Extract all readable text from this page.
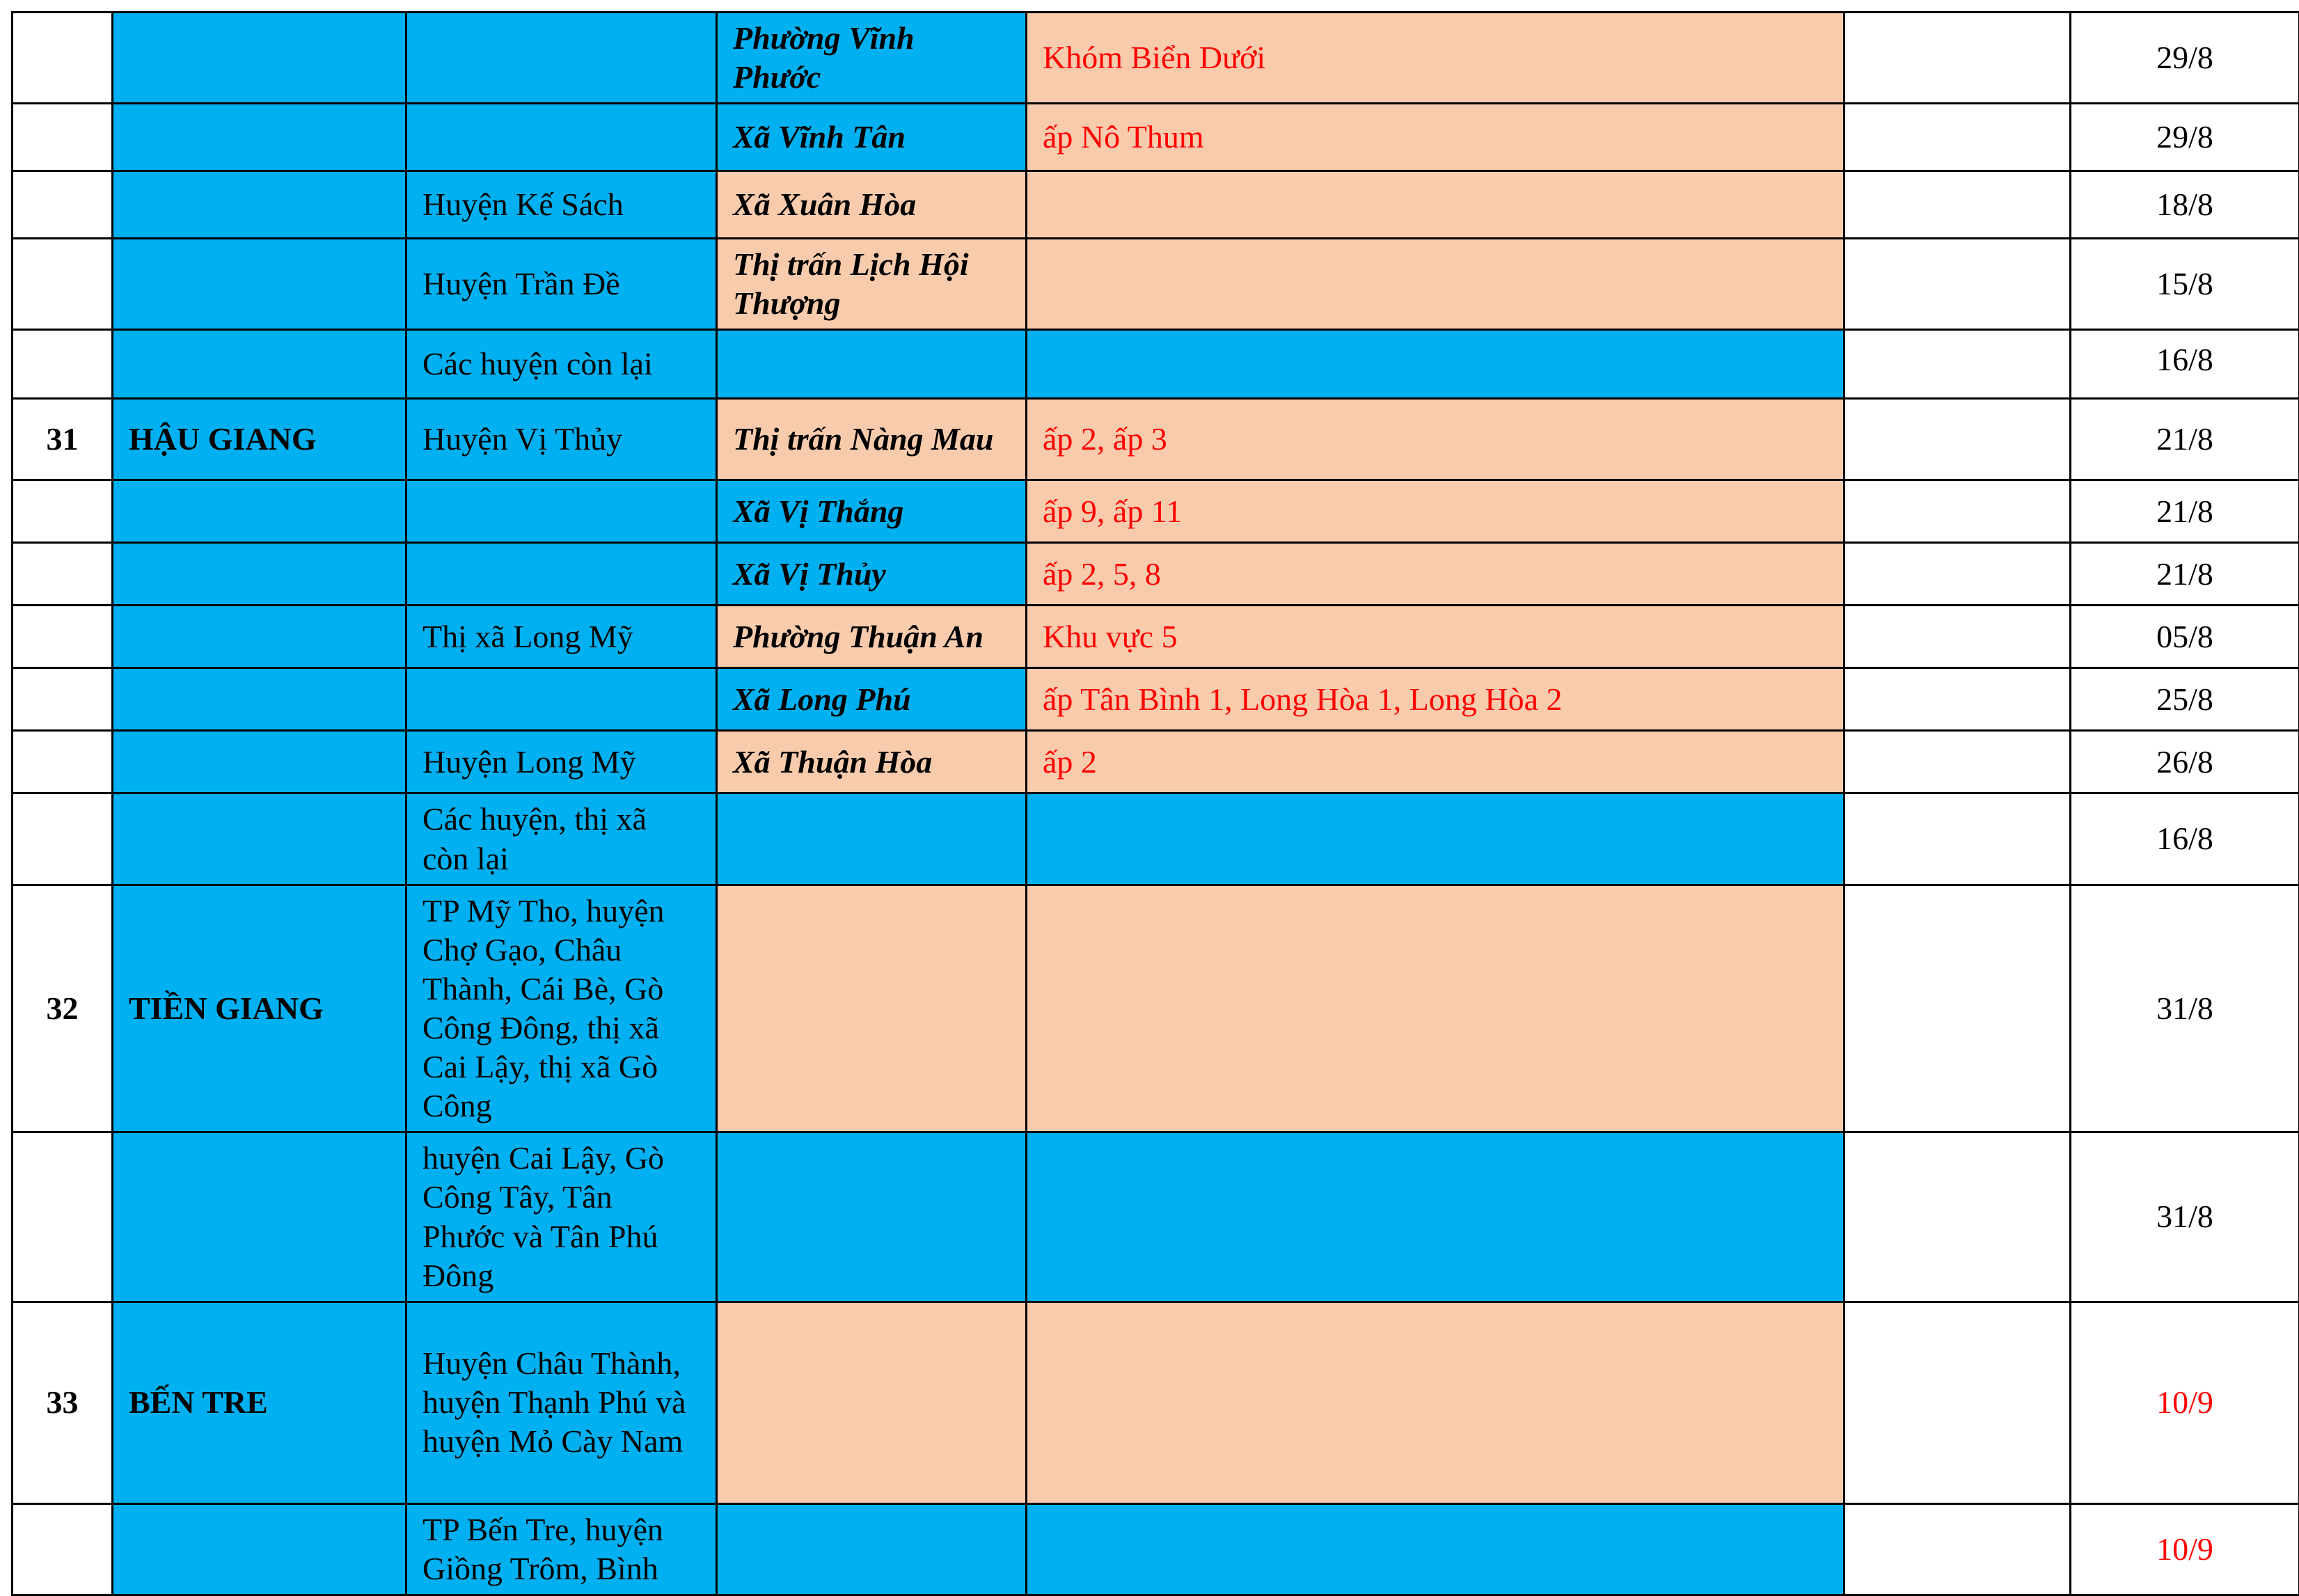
			Phường Vĩnh Phước	Khóm Biển Dưới		29/8
			Xã Vĩnh Tân	ấp Nô Thum		29/8
		Huyện Kế Sách	Xã Xuân Hòa			18/8
		Huyện Trần Đề	Thị trấn Lịch Hội Thượng			15/8
		Các huyện còn lại				16/8
31	HẬU GIANG	Huyện Vị Thủy	Thị trấn Nàng Mau	ấp 2, ấp 3		21/8
			Xã Vị Thắng	ấp 9, ấp 11		21/8
			Xã Vị Thủy	ấp 2, 5, 8		21/8
		Thị xã Long Mỹ	Phường Thuận An	Khu vực 5		05/8
			Xã Long Phú	ấp Tân Bình 1, Long Hòa 1, Long Hòa 2		25/8
		Huyện Long Mỹ	Xã Thuận Hòa	ấp 2		26/8
		Các huyện, thị xã còn lại				16/8
32	TIỀN GIANG	TP Mỹ Tho, huyện Chợ Gạo, Châu Thành, Cái Bè, Gò Công Đông, thị xã Cai Lậy, thị xã Gò Công				31/8
		huyện Cai Lậy, Gò Công Tây, Tân Phước và Tân Phú Đông				31/8
33	BẾN TRE	Huyện Châu Thành, huyện Thạnh Phú và huyện Mỏ Cày Nam				10/9
		TP Bến Tre, huyện Giồng Trôm, Bình				10/9
